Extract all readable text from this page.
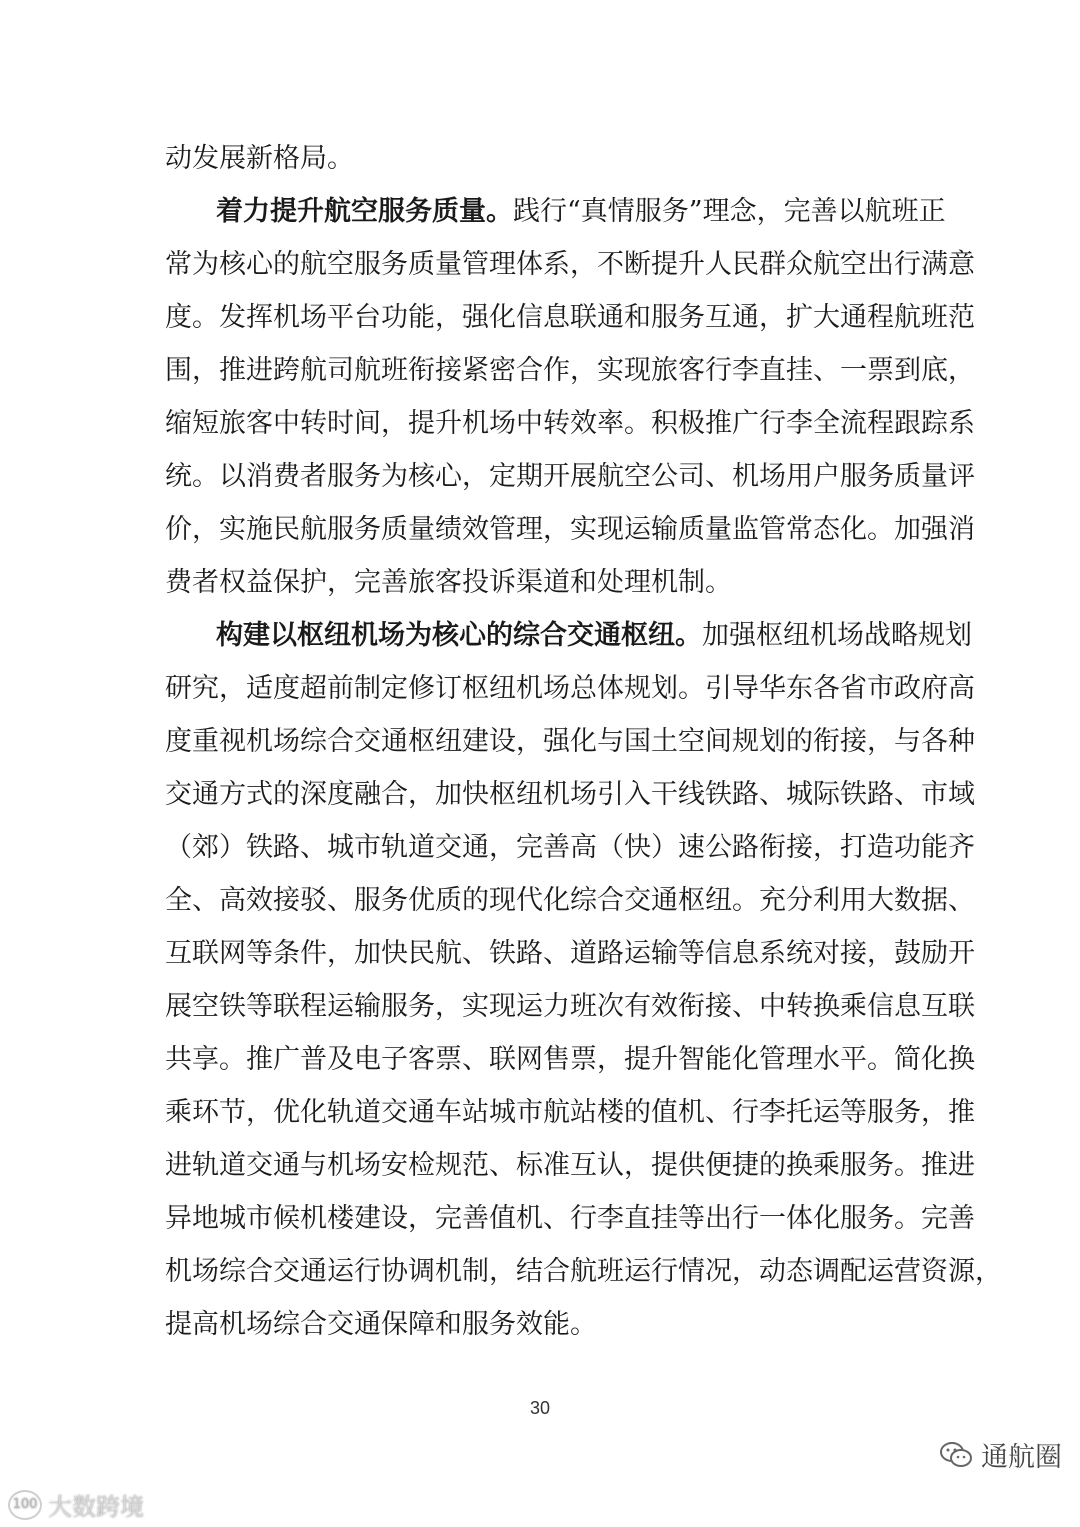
动发展新格局。
着力提升航空服务质量。践行“真情服务”理念，完善以航班正
常为核心的航空服务质量管理体系，不断提升人民群众航空出行满意
度。发挥机场平台功能，强化信息联通和服务互通，扩大通程航班范
围，推进跨航司航班衔接紧密合作，实现旅客行李直挂、一票到底，
缩短旅客中转时间，提升机场中转效率。积极推广行李全流程跟踪系
统。以消费者服务为核心，定期开展航空公司、机场用户服务质量评
价，实施民航服务质量绩效管理，实现运输质量监管常态化。加强消
费者权益保护，完善旅客投诉渠道和处理机制。
构建以枢纽机场为核心的综合交通枢纽。加强枢纽机场战略规划
研究，适度超前制定修订枢纽机场总体规划。引导华东各省市政府高
度重视机场综合交通枢纽建设，强化与国土空间规划的衔接，与各种
交通方式的深度融合，加快枢纽机场引入干线铁路、城际铁路、市域
（郊）铁路、城市轨道交通，完善高（快）速公路衔接，打造功能齐
全、高效接驳、服务优质的现代化综合交通枢纽。充分利用大数据、
互联网等条件，加快民航、铁路、道路运输等信息系统对接，鼓励开
展空铁等联程运输服务，实现运力班次有效衔接、中转换乘信息互联
共享。推广普及电子客票、联网售票，提升智能化管理水平。简化换
乘环节，优化轨道交通车站城市航站楼的值机、行李托运等服务，推
进轨道交通与机场安检规范、标准互认，提供便捷的换乘服务。推进
异地城市候机楼建设，完善值机、行李直挂等出行一体化服务。完善
机场综合交通运行协调机制，结合航班运行情况，动态调配运营资源，
提高机场综合交通保障和服务效能。
30
通航圈
100 大数跨境
